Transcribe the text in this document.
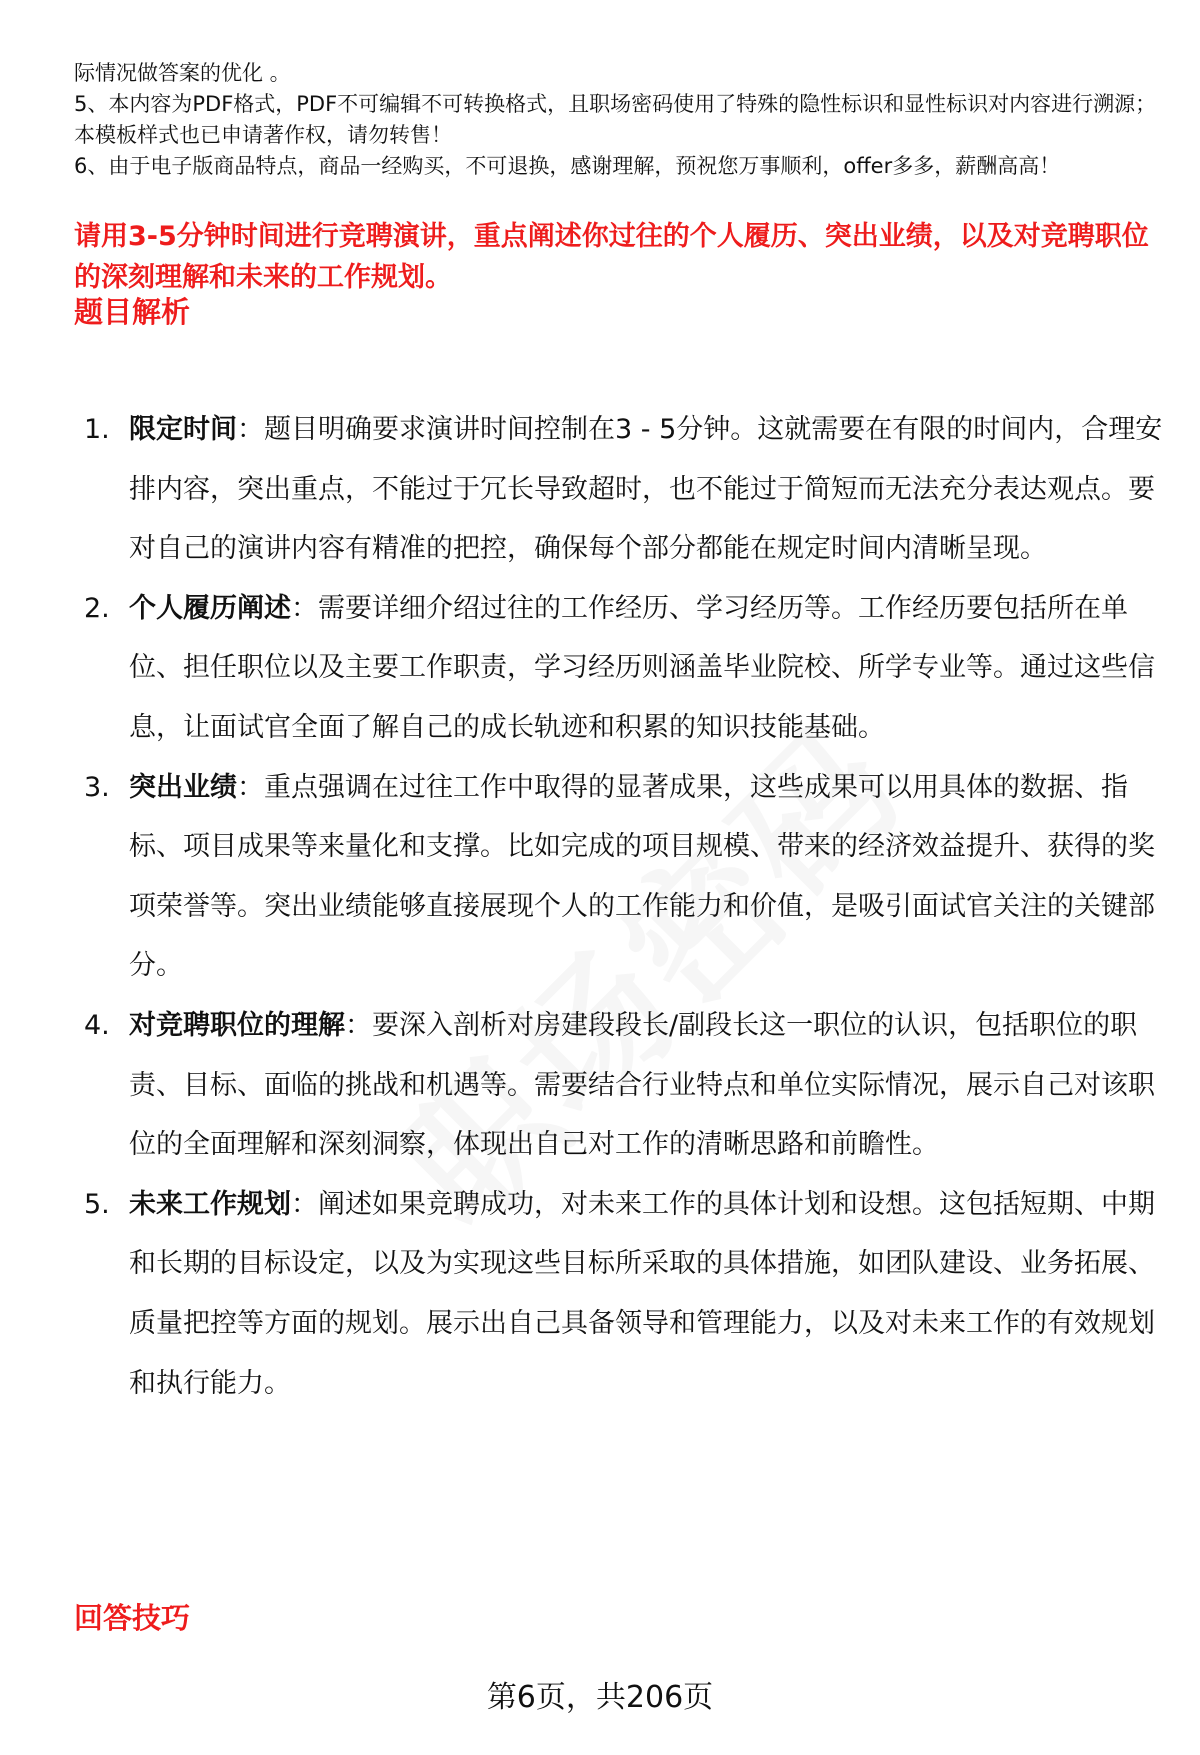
际情况做答案的优化 。

5、本内容为PDF格式，PDF不可编辑不可转换格式，且职场密码使用了特殊的隐性标识和显性标识对内容进行溯源；本模板样式也已申请著作权，请勿转售！

6、由于电子版商品特点，商品一经购买，不可退换，感谢理解，预祝您万事顺利，offer多多，薪酬高高！

请用3-5分钟时间进行竞聘演讲，重点阐述你过往的个人履历、突出业绩，以及对竞聘职位的深刻理解和未来的工作规划。

题目解析
1. 限定时间：题目明确要求演讲时间控制在3 - 5分钟。这就需要在有限的时间内，合理安排内容，突出重点，不能过于冗长导致超时，也不能过于简短而无法充分表达观点。要对自己的演讲内容有精准的把控，确保每个部分都能在规定时间内清晰呈现。
2. 个人履历阐述：需要详细介绍过往的工作经历、学习经历等。工作经历要包括所在单位、担任职位以及主要工作职责，学习经历则涵盖毕业院校、所学专业等。通过这些信息，让面试官全面了解自己的成长轨迹和积累的知识技能基础。
3. 突出业绩：重点强调在过往工作中取得的显著成果，这些成果可以用具体的数据、指标、项目成果等来量化和支撑。比如完成的项目规模、带来的经济效益提升、获得的奖项荣誉等。突出业绩能够直接展现个人的工作能力和价值，是吸引面试官关注的关键部分。
4. 对竞聘职位的理解：要深入剖析对房建段段长/副段长这一职位的认识，包括职位的职责、目标、面临的挑战和机遇等。需要结合行业特点和单位实际情况，展示自己对该职位的全面理解和深刻洞察，体现出自己对工作的清晰思路和前瞻性。
5. 未来工作规划：阐述如果竞聘成功，对未来工作的具体计划和设想。这包括短期、中期和长期的目标设定，以及为实现这些目标所采取的具体措施，如团队建设、业务拓展、质量把控等方面的规划。展示出自己具备领导和管理能力，以及对未来工作的有效规划和执行能力。
回答技巧
第6页，共206页
